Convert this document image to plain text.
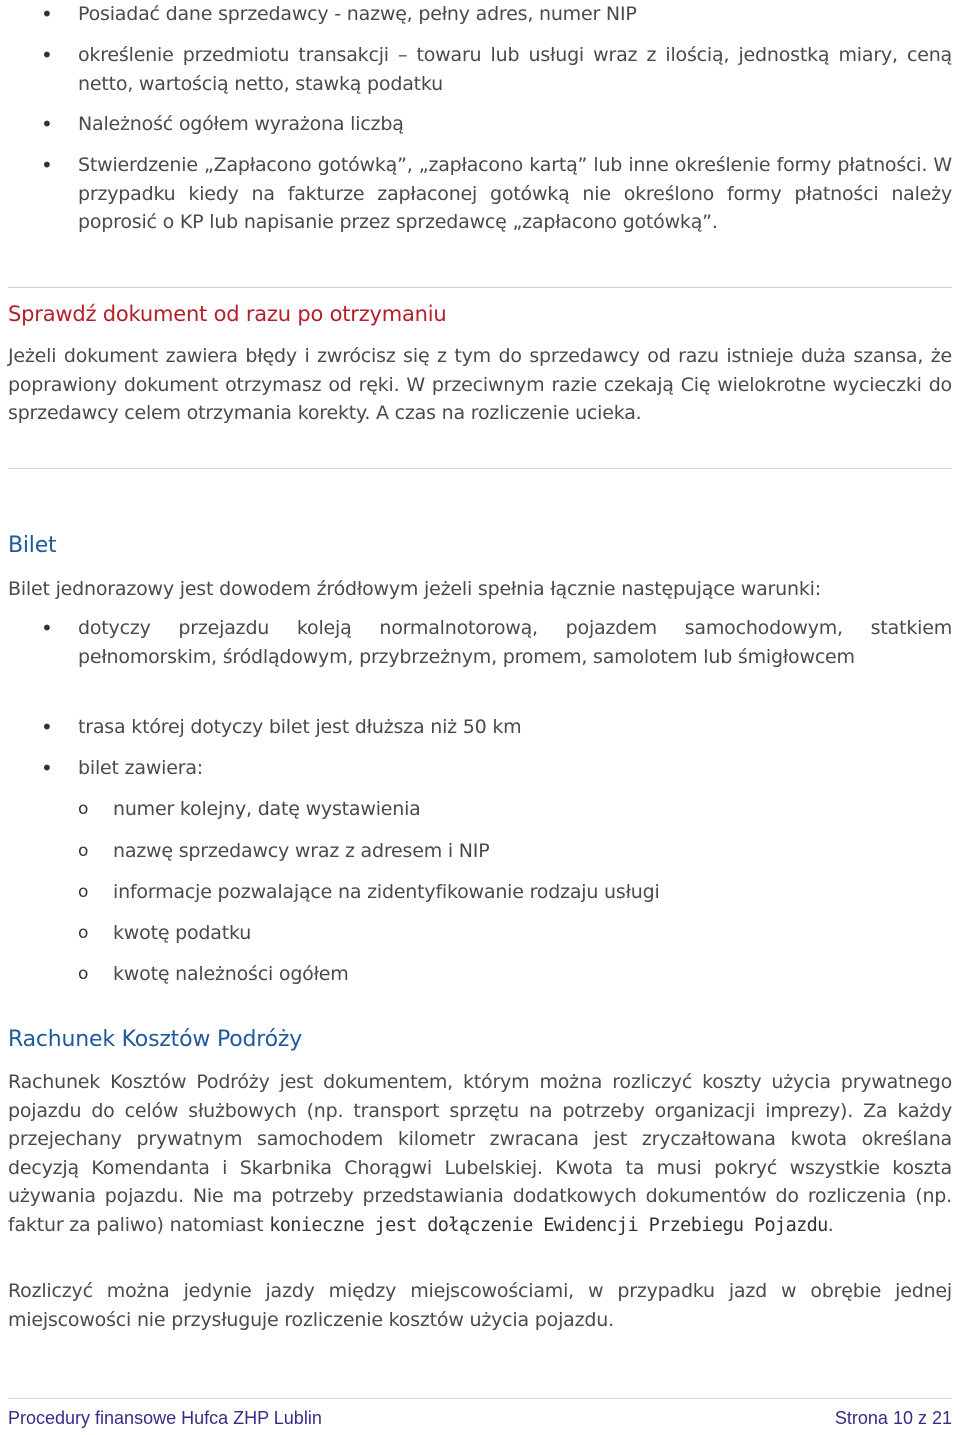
• Posiadać dane sprzedawcy - nazwę, pełny adres, numer NIP
• określenie przedmiotu transakcji – towaru lub usługi wraz z ilością, jednostką miary, ceną netto, wartością netto, stawką podatku
• Należność ogółem wyrażona liczbą
• Stwierdzenie „Zapłacono gotówką”, „zapłacono kartą” lub inne określenie formy płatności. W przypadku kiedy na fakturze zapłaconej gotówką nie określono formy płatności należy poprosić o KP lub napisanie przez sprzedawcę „zapłacono gotówką”.
Sprawdź dokument od razu po otrzymaniu
Jeżeli dokument zawiera błędy i zwrócisz się z tym do sprzedawcy od razu istnieje duża szansa, że poprawiony dokument otrzymasz od ręki. W przeciwnym razie czekają Cię wielokrotne wycieczki do sprzedawcy celem otrzymania korekty. A czas na rozliczenie ucieka.
Bilet
Bilet jednorazowy jest dowodem źródłowym jeżeli spełnia łącznie następujące warunki:
• dotyczy przejazdu koleją normalnotorową, pojazdem samochodowym, statkiem pełnomorskim, śródlądowym, przybrzeżnym, promem, samolotem lub śmigłowcem
• trasa której dotyczy bilet jest dłuższa niż 50 km
• bilet zawiera:
o numer kolejny, datę wystawienia
o nazwę sprzedawcy wraz z adresem i NIP
o informacje pozwalające na zidentyfikowanie rodzaju usługi
o kwotę podatku
o kwotę należności ogółem
Rachunek Kosztów Podróży
Rachunek Kosztów Podróży jest dokumentem, którym można rozliczyć koszty użycia prywatnego pojazdu do celów służbowych (np. transport sprzętu na potrzeby organizacji imprezy). Za każdy przejechany prywatnym samochodem kilometr zwracana jest zryczałtowana kwota określana decyzją Komendanta i Skarbnika Chorągwi Lubelskiej. Kwota ta musi pokryć wszystkie koszta używania pojazdu. Nie ma potrzeby przedstawiania dodatkowych dokumentów do rozliczenia (np. faktur za paliwo) natomiast konieczne jest dołączenie Ewidencji Przebiegu Pojazdu.
Rozliczyć można jedynie jazdy między miejscowościami, w przypadku jazd w obrębie jednej miejscowości nie przysługuje rozliczenie kosztów użycia pojazdu.
Procedury finansowe Hufca ZHP Lublin	Strona 10 z 21
